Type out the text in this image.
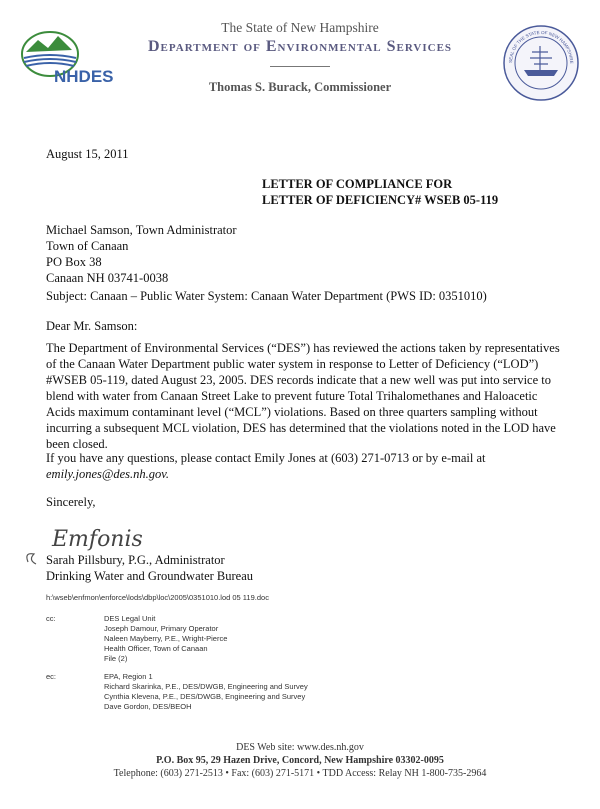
NHDES
The State of New Hampshire
Department of Environmental Services
Thomas S. Burack, Commissioner
SEAL OF THE STATE OF NEW HAMPSHIRE
August 15, 2011
LETTER OF COMPLIANCE FOR
LETTER OF DEFICIENCY# WSEB 05-119
Michael Samson, Town Administrator
Town of Canaan
PO Box 38
Canaan NH 03741-0038
Subject: Canaan – Public Water System: Canaan Water Department (PWS ID: 0351010)
Dear Mr. Samson:
The Department of Environmental Services (“DES”) has reviewed the actions taken by representatives
of the Canaan Water Department public water system in response to Letter of Deficiency (“LOD”)
#WSEB 05-119, dated August 23, 2005. DES records indicate that a new well was put into service to
blend with water from Canaan Street Lake to prevent future Total Trihalomethanes and Haloacetic
Acids maximum contaminant level (“MCL”) violations. Based on three quarters sampling without
incurring a subsequent MCL violation, DES has determined that the violations noted in the LOD have
been closed.
If you have any questions, please contact Emily Jones at (603) 271-0713 or by e-mail at
emily.jones@des.nh.gov.
Sincerely,
Emfonis
Sarah Pillsbury, P.G., Administrator
Drinking Water and Groundwater Bureau
h:\wseb\enfmon\enforce\lods\dbp\loc\2005\0351010.lod 05 119.doc
cc:	DES Legal Unit
Joseph Damour, Primary Operator
Naleen Mayberry, P.E., Wright-Pierce
Health Officer, Town of Canaan
File (2)
ec:	EPA, Region 1
Richard Skarinka, P.E., DES/DWGB, Engineering and Survey
Cynthia Klevena, P.E., DES/DWGB, Engineering and Survey
Dave Gordon, DES/BEOH
DES Web site: www.des.nh.gov
P.O. Box 95, 29 Hazen Drive, Concord, New Hampshire 03302-0095
Telephone: (603) 271-2513 • Fax: (603) 271-5171 • TDD Access: Relay NH 1-800-735-2964
